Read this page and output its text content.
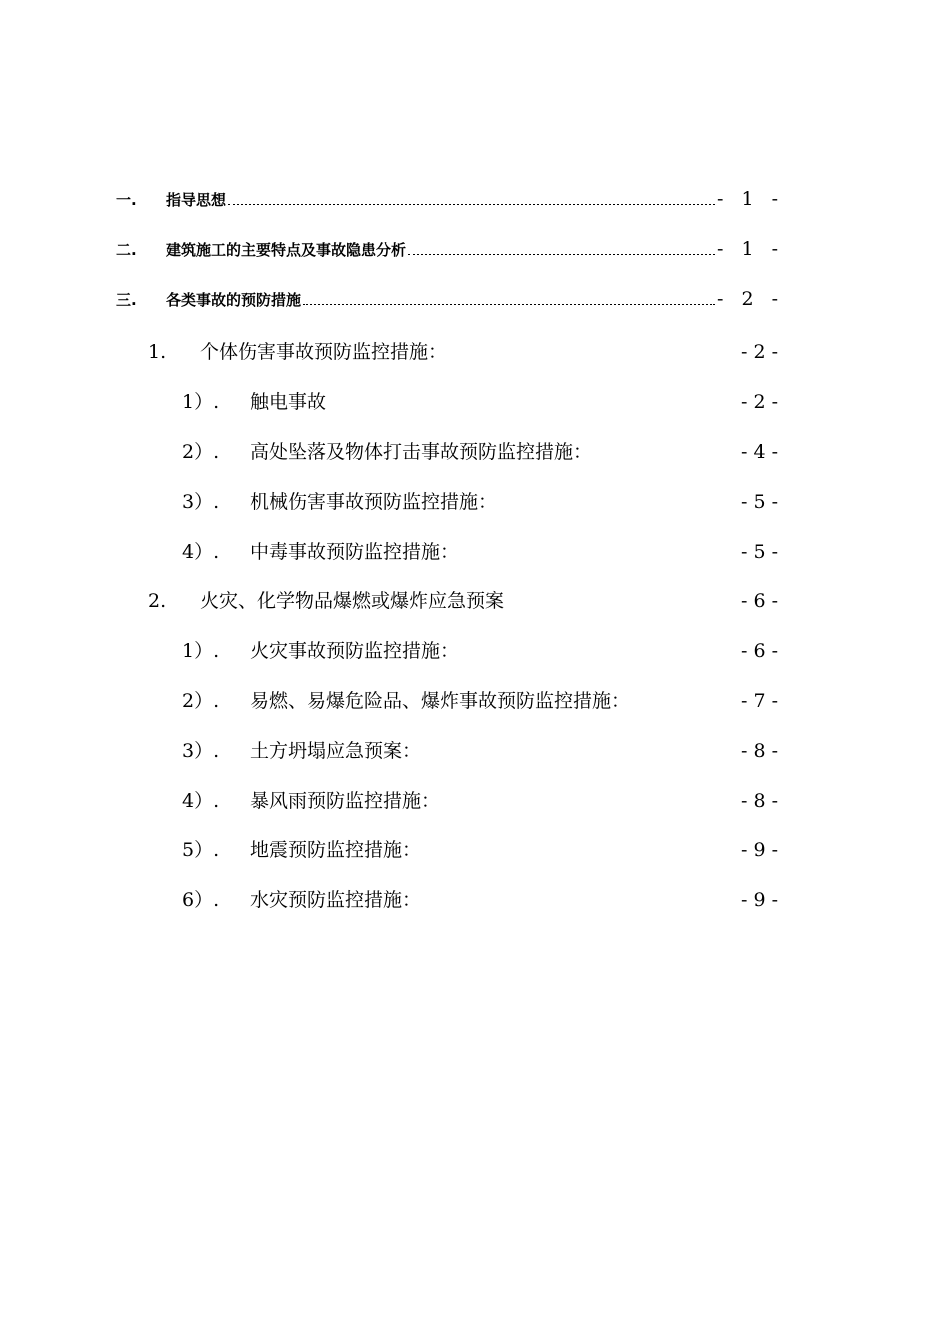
一.	指导思想	- 1 -
二.	建筑施工的主要特点及事故隐患分析	- 1 -
三.	各类事故的预防措施	- 2 -
1.	个体伤害事故预防监控措施：	- 2 -
1）.	触电事故	- 2 -
2）.	高处坠落及物体打击事故预防监控措施：	- 4 -
3）.	机械伤害事故预防监控措施：	- 5 -
4）.	中毒事故预防监控措施：	- 5 -
2.	火灾、化学物品爆燃或爆炸应急预案	- 6 -
1）.	火灾事故预防监控措施：	- 6 -
2）.	易燃、易爆危险品、爆炸事故预防监控措施：	- 7 -
3）.	土方坍塌应急预案：	- 8 -
4）.	暴风雨预防监控措施：	- 8 -
5）.	地震预防监控措施：	- 9 -
6）.	水灾预防监控措施：	- 9 -
